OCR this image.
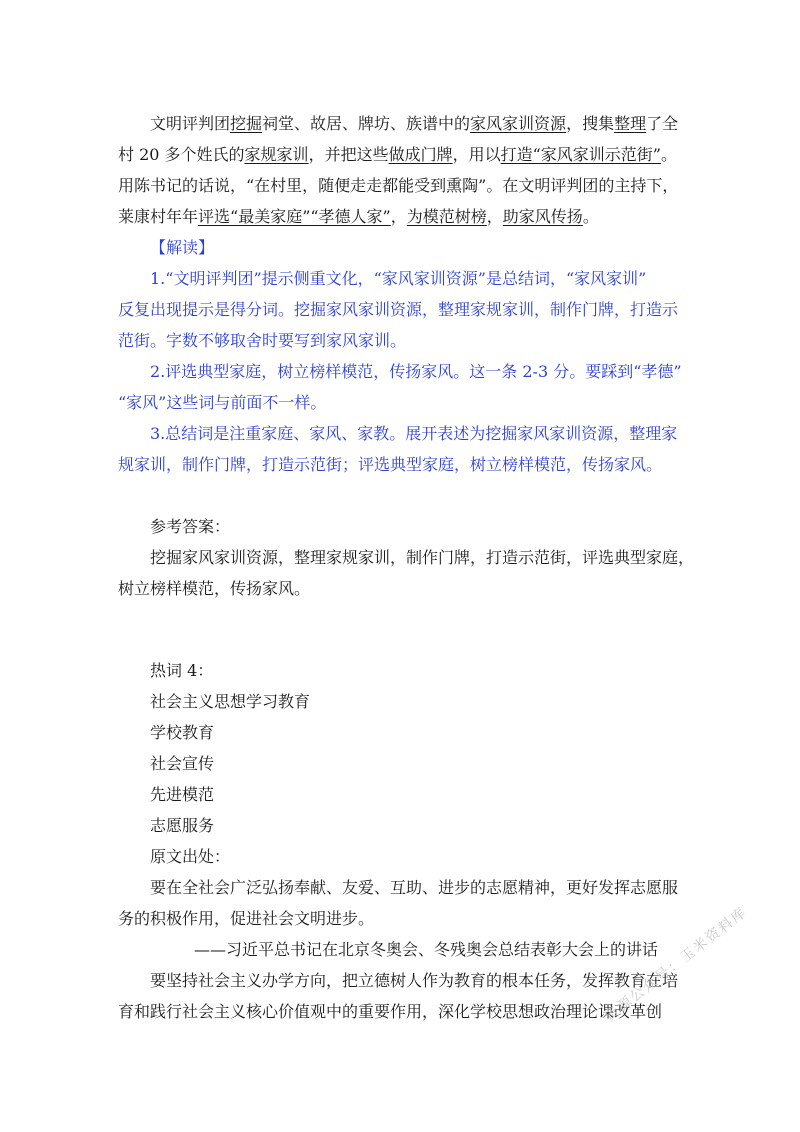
文明评判团挖掘祠堂、故居、牌坊、族谱中的家风家训资源，搜集整理了全
村 20 多个姓氏的家规家训，并把这些做成门牌，用以打造“家风家训示范街”。
用陈书记的话说，“在村里，随便走走都能受到熏陶”。在文明评判团的主持下，
莱康村年年评选“最美家庭”“孝德人家”，为模范树榜，助家风传扬。
【解读】
1.“文明评判团”提示侧重文化，“家风家训资源”是总结词，“家风家训”
反复出现提示是得分词。挖掘家风家训资源，整理家规家训，制作门牌，打造示
范街。字数不够取舍时要写到家风家训。
2.评选典型家庭，树立榜样模范，传扬家风。这一条 2-3 分。要踩到“孝德”
“家风”这些词与前面不一样。
3.总结词是注重家庭、家风、家教。展开表述为挖掘家风家训资源，整理家
规家训，制作门牌，打造示范街；评选典型家庭，树立榜样模范，传扬家风。
参考答案：
挖掘家风家训资源，整理家规家训，制作门牌，打造示范街，评选典型家庭，
树立榜样模范，传扬家风。
热词 4：
社会主义思想学习教育
学校教育
社会宣传
先进模范
志愿服务
原文出处：
要在全社会广泛弘扬奉献、友爱、互助、进步的志愿精神，更好发挥志愿服
务的积极作用，促进社会文明进步。
——习近平总书记在北京冬奥会、冬残奥会总结表彰大会上的讲话
要坚持社会主义办学方向，把立德树人作为教育的根本任务，发挥教育在培
育和践行社会主义核心价值观中的重要作用，深化学校思想政治理论课改革创
资源公众号：玉米资料库
